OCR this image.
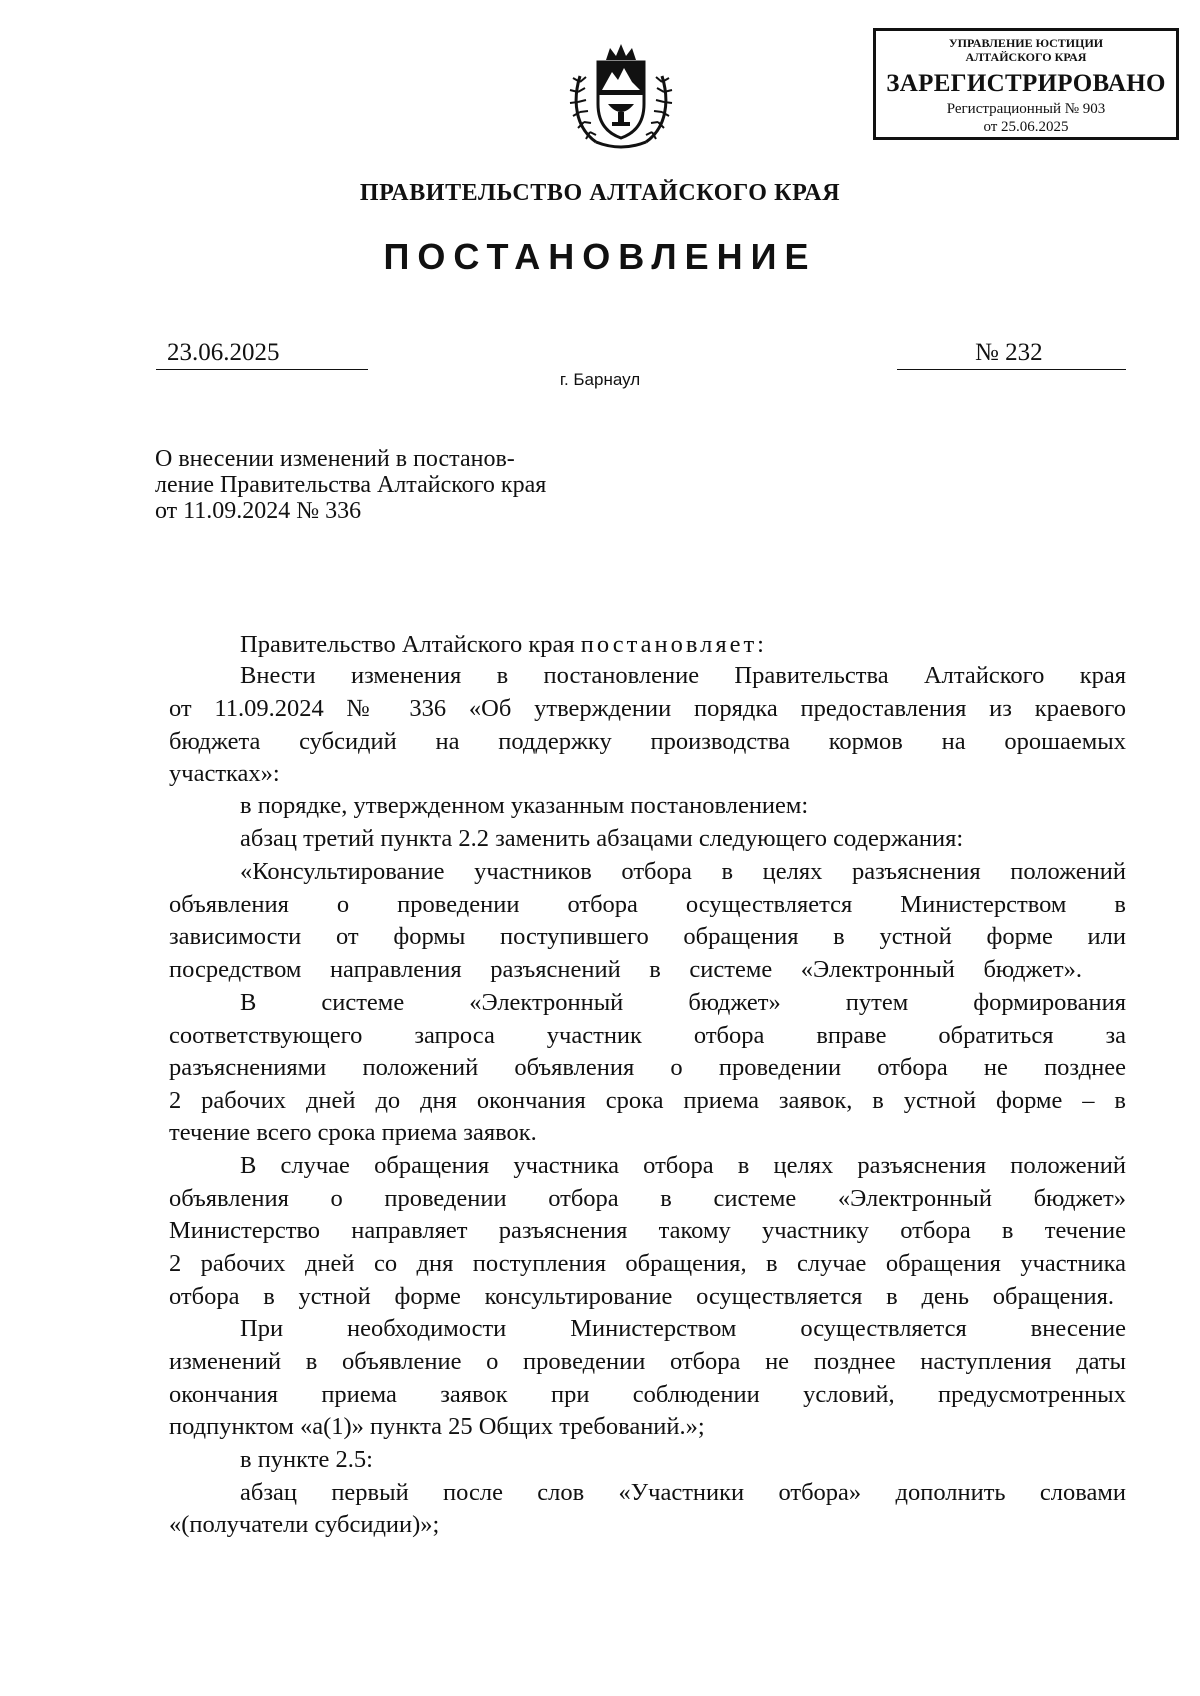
УПРАВЛЕНИЕ ЮСТИЦИИ
АЛТАЙСКОГО КРАЯ
ЗАРЕГИСТРИРОВАНО
Регистрационный № 903
от 25.06.2025
ПРАВИТЕЛЬСТВО АЛТАЙСКОГО КРАЯ
ПОСТАНОВЛЕНИЕ
23.06.2025	№ 232
г. Барнаул
О внесении изменений в постанов-
ление Правительства Алтайского края
от 11.09.2024 № 336
Правительство Алтайского края постановляет:
Внести изменения в постановление Правительства Алтайского края
от 11.09.2024 № 336 «Об утверждении порядка предоставления из краевого
бюджета субсидий на поддержку производства кормов на орошаемых
участках»:
в порядке, утвержденном указанным постановлением:
абзац третий пункта 2.2 заменить абзацами следующего содержания:
«Консультирование участников отбора в целях разъяснения положений
объявления о проведении отбора осуществляется Министерством в
зависимости от формы поступившего обращения в устной форме или
посредством направления разъяснений в системе «Электронный бюджет».
В системе «Электронный бюджет» путем формирования
соответствующего запроса участник отбора вправе обратиться за
разъяснениями положений объявления о проведении отбора не позднее
2 рабочих дней до дня окончания срока приема заявок, в устной форме – в
течение всего срока приема заявок.
В случае обращения участника отбора в целях разъяснения положений
объявления о проведении отбора в системе «Электронный бюджет»
Министерство направляет разъяснения такому участнику отбора в течение
2 рабочих дней со дня поступления обращения, в случае обращения участника
отбора в устной форме консультирование осуществляется в день обращения.
При необходимости Министерством осуществляется внесение
изменений в объявление о проведении отбора не позднее наступления даты
окончания приема заявок при соблюдении условий, предусмотренных
подпунктом «а(1)» пункта 25 Общих требований.»;
в пункте 2.5:
абзац первый после слов «Участники отбора» дополнить словами
«(получатели субсидии)»;
